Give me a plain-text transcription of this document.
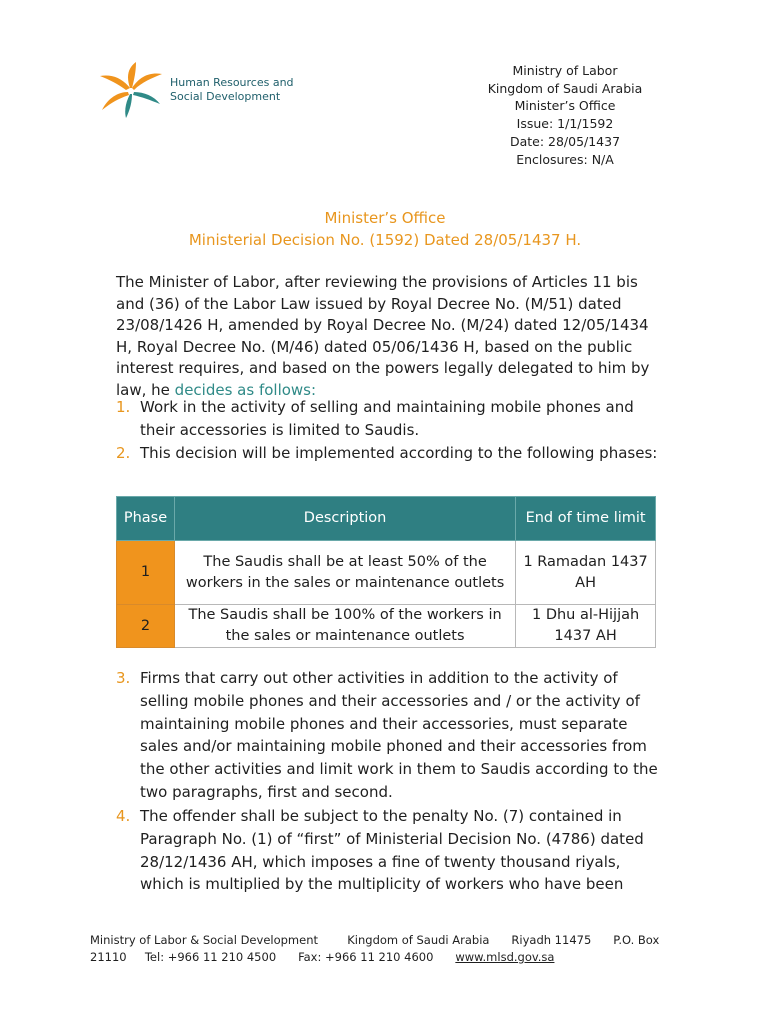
Human Resources and
Social Development
Ministry of Labor
Kingdom of Saudi Arabia
Minister’s Office
Issue: 1/1/1592
Date: 28/05/1437
Enclosures: N/A
Minister’s Office
Ministerial Decision No. (1592) Dated 28/05/1437 H.
The Minister of Labor, after reviewing the provisions of Articles 11 bis and (36) of the Labor Law issued by Royal Decree No. (M/51) dated 23/08/1426 H, amended by Royal Decree No. (M/24) dated 12/05/1434 H, Royal Decree No. (M/46) dated 05/06/1436 H, based on the public interest requires, and based on the powers legally delegated to him by law, he decides as follows:
1. Work in the activity of selling and maintaining mobile phones and their accessories is limited to Saudis.
2. This decision will be implemented according to the following phases:
Phase	Description	End of time limit
1	The Saudis shall be at least 50% of the workers in the sales or maintenance outlets	1 Ramadan 1437 AH
2	The Saudis shall be 100% of the workers in the sales or maintenance outlets	1 Dhu al-Hijjah 1437 AH
3. Firms that carry out other activities in addition to the activity of selling mobile phones and their accessories and / or the activity of maintaining mobile phones and their accessories, must separate sales and/or maintaining mobile phoned and their accessories from the other activities and limit work in them to Saudis according to the two paragraphs, first and second.
4. The offender shall be subject to the penalty No. (7) contained in Paragraph No. (1) of “first” of Ministerial Decision No. (4786) dated 28/12/1436 AH, which imposes a fine of twenty thousand riyals, which is multiplied by the multiplicity of workers who have been
Ministry of Labor & Social Development        Kingdom of Saudi Arabia      Riyadh 11475      P.O. Box
21110     Tel: +966 11 210 4500      Fax: +966 11 210 4600      www.mlsd.gov.sa
